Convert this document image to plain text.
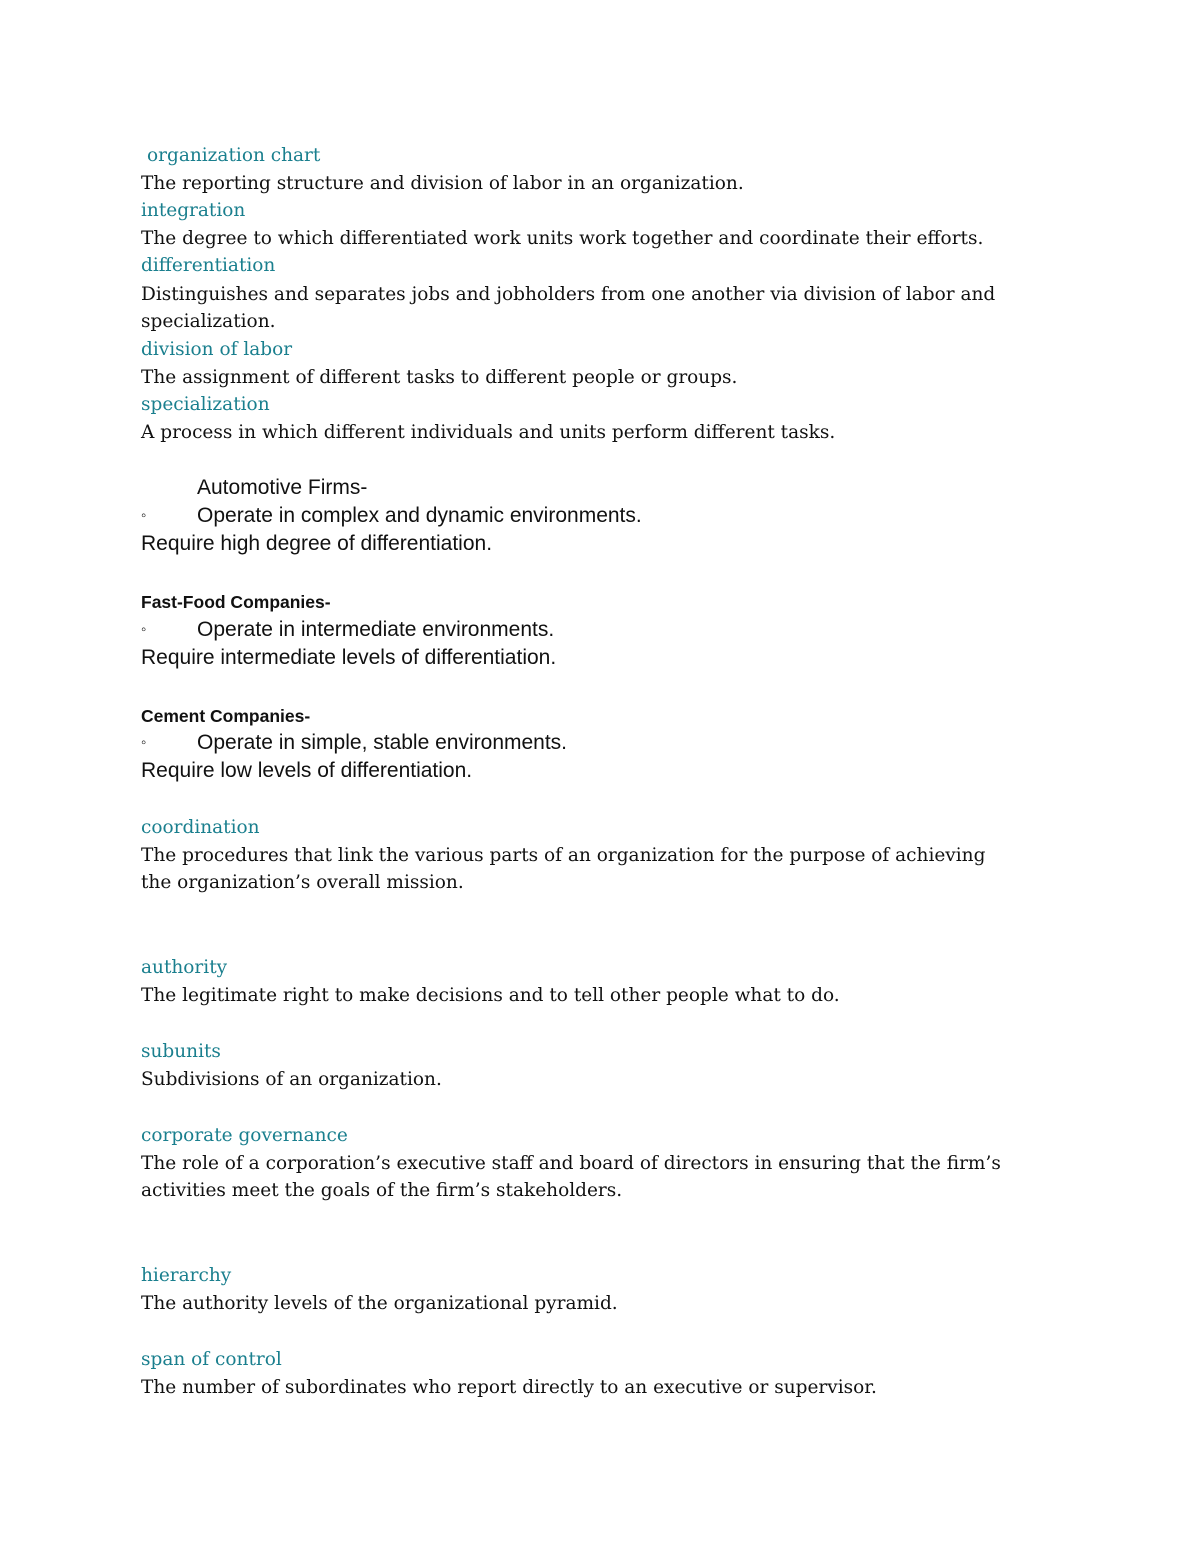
organization chart
The reporting structure and division of labor in an organization.
integration
The degree to which differentiated work units work together and coordinate their efforts.
differentiation
Distinguishes and separates jobs and jobholders from one another via division of labor and
specialization.
division of labor
The assignment of different tasks to different people or groups.
specialization
A process in which different individuals and units perform different tasks.
Automotive Firms-
◦ Operate in complex and dynamic environments.
Require high degree of differentiation.
Fast-Food Companies-
◦ Operate in intermediate environments.
Require intermediate levels of differentiation.
Cement Companies-
◦ Operate in simple, stable environments.
Require low levels of differentiation.
coordination
The procedures that link the various parts of an organization for the purpose of achieving
the organization’s overall mission.
authority
The legitimate right to make decisions and to tell other people what to do.
subunits
Subdivisions of an organization.
corporate governance
The role of a corporation’s executive staff and board of directors in ensuring that the firm’s
activities meet the goals of the firm’s stakeholders.
hierarchy
The authority levels of the organizational pyramid.
span of control
The number of subordinates who report directly to an executive or supervisor.
